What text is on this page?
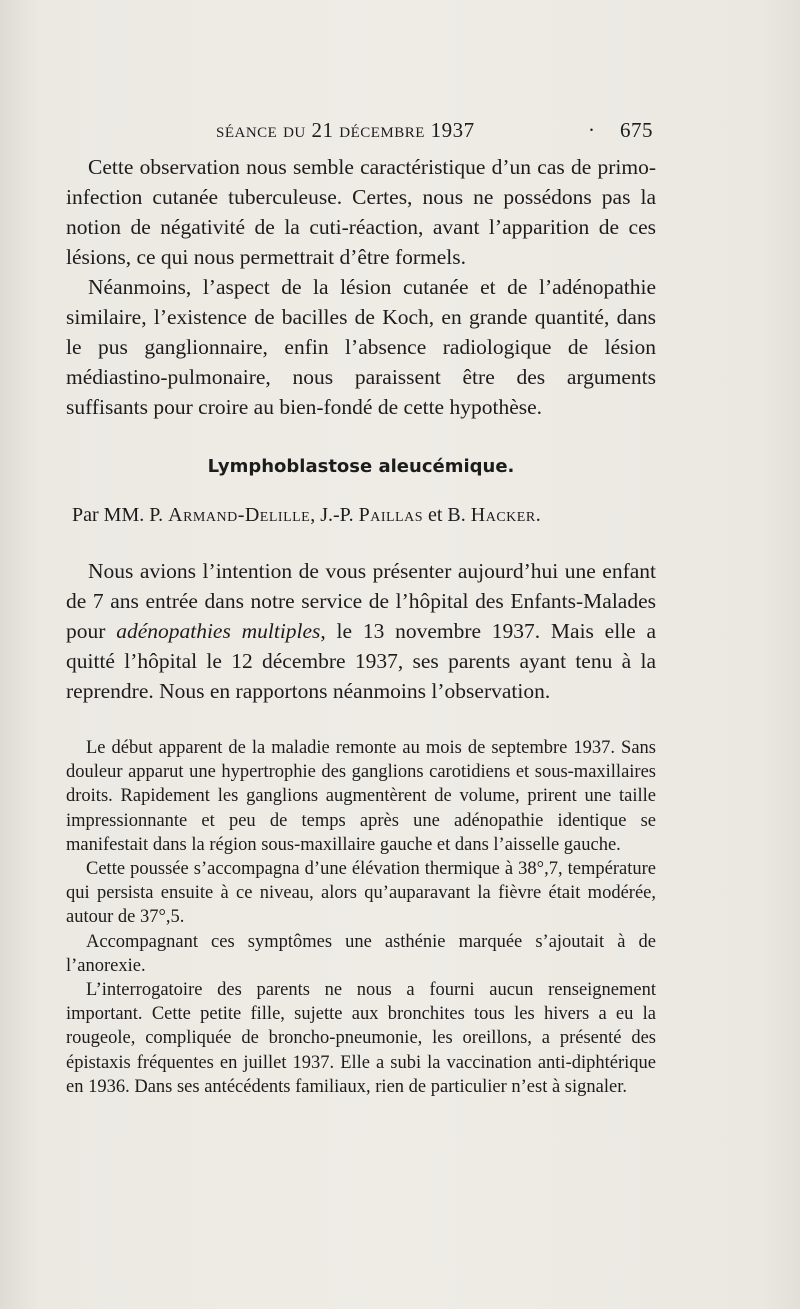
séance du 21 décembre 1937	· 675

Cette observation nous semble caractéristique d’un cas de primo-infection cutanée tuberculeuse. Certes, nous ne possédons pas la notion de négativité de la cuti-réaction, avant l’apparition de ces lésions, ce qui nous permettrait d’être formels.

Néanmoins, l’aspect de la lésion cutanée et de l’adénopathie similaire, l’existence de bacilles de Koch, en grande quantité, dans le pus ganglionnaire, enfin l’absence radiologique de lésion médiastino-pulmonaire, nous paraissent être des arguments suffisants pour croire au bien-fondé de cette hypothèse.

Lymphoblastose aleucémique.
Par MM. P. Armand-Delille, J.-P. Paillas et B. Hacker.

Nous avions l’intention de vous présenter aujourd’hui une enfant de 7 ans entrée dans notre service de l’hôpital des Enfants-Malades pour adénopathies multiples, le 13 novembre 1937. Mais elle a quitté l’hôpital le 12 décembre 1937, ses parents ayant tenu à la reprendre. Nous en rapportons néanmoins l’observation.

Le début apparent de la maladie remonte au mois de septembre 1937. Sans douleur apparut une hypertrophie des ganglions carotidiens et sous-maxillaires droits. Rapidement les ganglions augmentèrent de volume, prirent une taille impressionnante et peu de temps après une adénopathie identique se manifestait dans la région sous-maxillaire gauche et dans l’aisselle gauche.

Cette poussée s’accompagna d’une élévation thermique à 38°,7, température qui persista ensuite à ce niveau, alors qu’auparavant la fièvre était modérée, autour de 37°,5.

Accompagnant ces symptômes une asthénie marquée s’ajoutait à de l’anorexie.

L’interrogatoire des parents ne nous a fourni aucun renseignement important. Cette petite fille, sujette aux bronchites tous les hivers a eu la rougeole, compliquée de broncho-pneumonie, les oreillons, a présenté des épistaxis fréquentes en juillet 1937. Elle a subi la vaccination anti-diphtérique en 1936. Dans ses antécédents familiaux, rien de particulier n’est à signaler.
